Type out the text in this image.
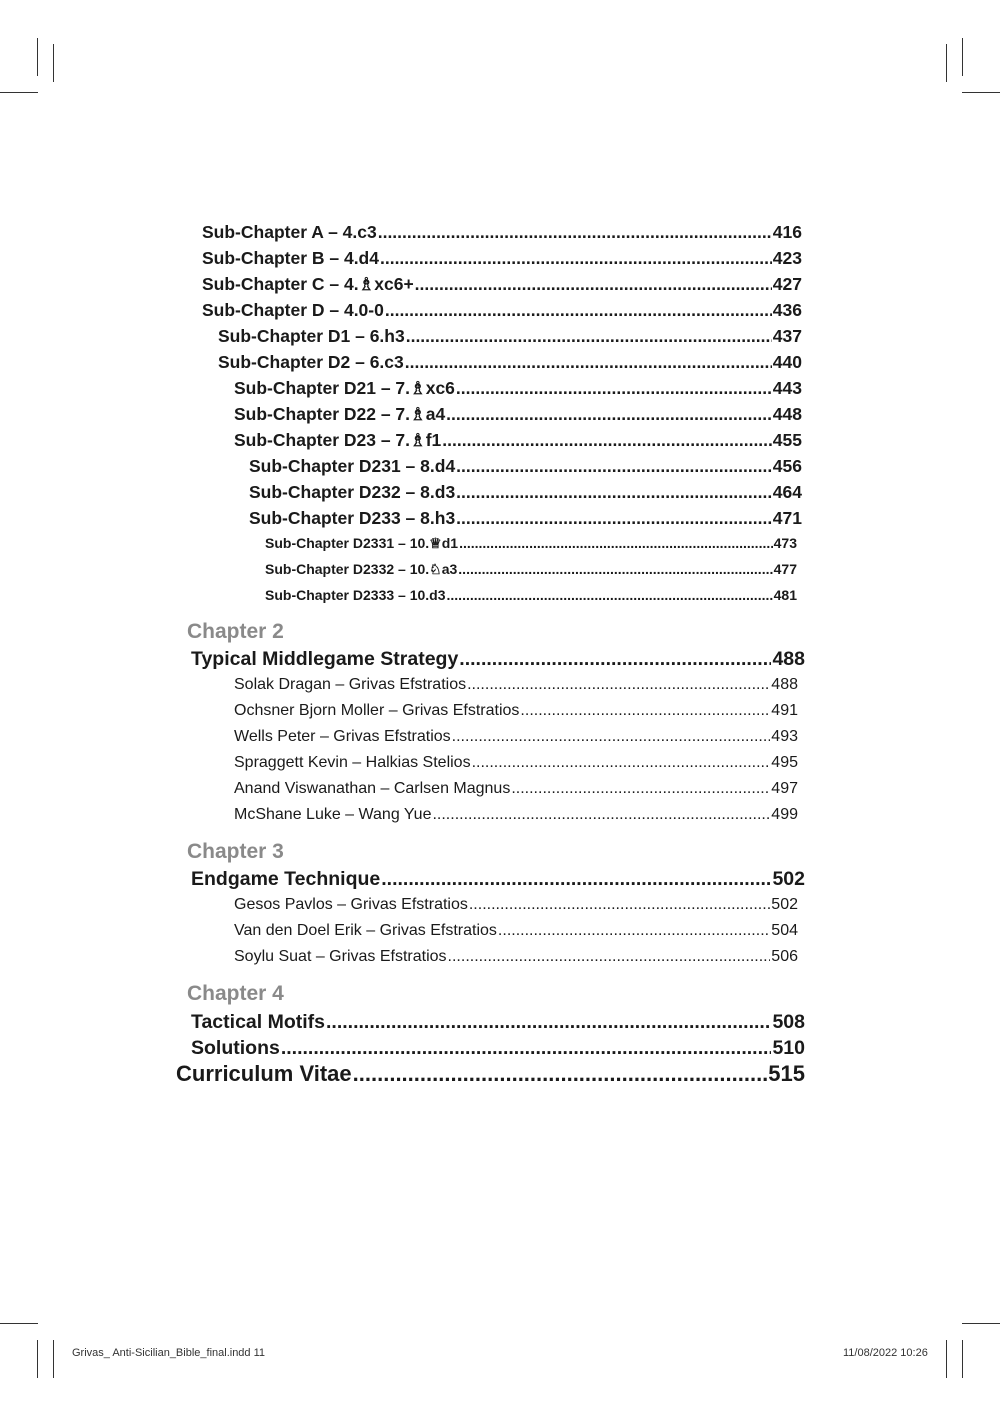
Sub-Chapter A – 4.c3 .....	416
Sub-Chapter B – 4.d4 .....	423
Sub-Chapter C – 4.♗xc6+ .....	427
Sub-Chapter D – 4.0-0 .....	436
Sub-Chapter D1 – 6.h3 .....	437
Sub-Chapter D2 – 6.c3 .....	440
Sub-Chapter D21 – 7.♗xc6 .....	443
Sub-Chapter D22 – 7.♗a4 .....	448
Sub-Chapter D23 – 7.♗f1 .....	455
Sub-Chapter D231 – 8.d4 .....	456
Sub-Chapter D232 – 8.d3 .....	464
Sub-Chapter D233 – 8.h3 .....	471
Sub-Chapter D2331 – 10.♕d1 .....	473
Sub-Chapter D2332 – 10.♘a3 .....	477
Sub-Chapter D2333 – 10.d3 .....	481
Chapter 2
Typical Middlegame Strategy .....	488
Solak Dragan – Grivas Efstratios .....	488
Ochsner Bjorn Moller – Grivas Efstratios .....	491
Wells Peter – Grivas Efstratios .....	493
Spraggett Kevin – Halkias Stelios .....	495
Anand Viswanathan – Carlsen Magnus .....	497
McShane Luke – Wang Yue .....	499
Chapter 3
Endgame Technique .....	502
Gesos Pavlos – Grivas Efstratios .....	502
Van den Doel Erik – Grivas Efstratios .....	504
Soylu Suat – Grivas Efstratios .....	506
Chapter 4
Tactical Motifs .....	508
Solutions .....	510
Curriculum Vitae .....	515
Grivas_ Anti-Sicilian_Bible_final.indd 11	11/08/2022 10:26
